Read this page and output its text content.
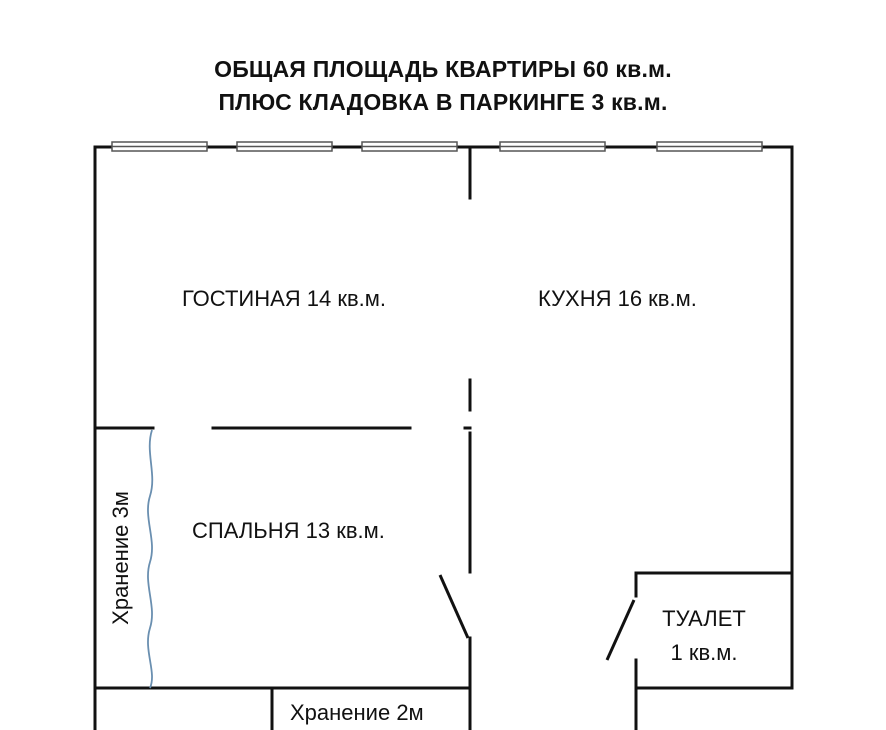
ОБЩАЯ ПЛОЩАДЬ КВАРТИРЫ 60 кв.м.
ПЛЮС КЛАДОВКА В ПАРКИНГЕ 3 кв.м.
ГОСТИНАЯ 14 кв.м.	КУХНЯ 16 кв.м.
СПАЛЬНЯ 13 кв.м.
ТУАЛЕТ 1 кв.м.
Хранение 2м
Хранение 3м
